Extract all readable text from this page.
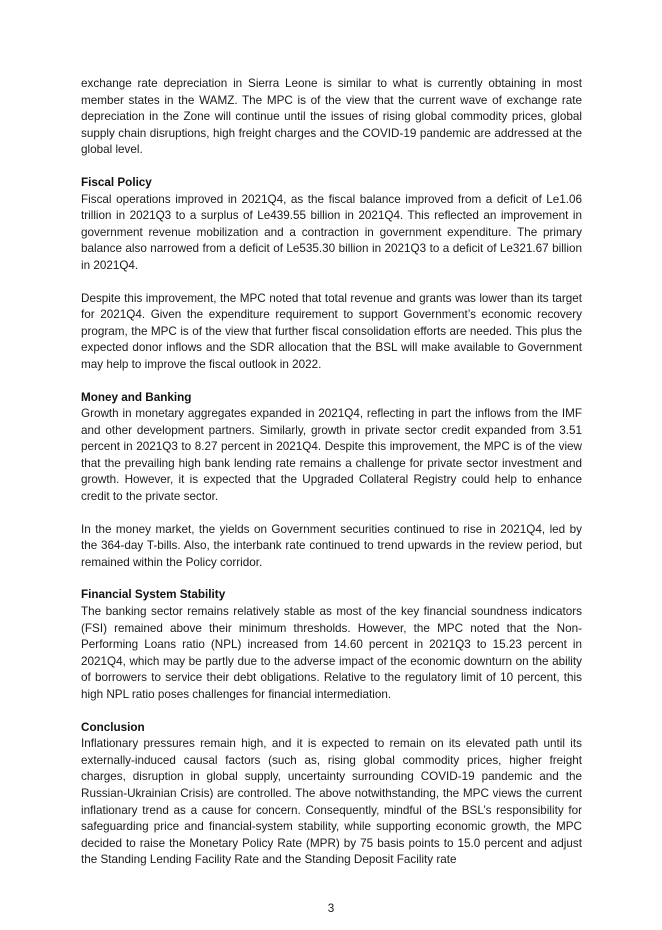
exchange rate depreciation in Sierra Leone is similar to what is currently obtaining in most member states in the WAMZ. The MPC is of the view that the current wave of exchange rate depreciation in the Zone will continue until the issues of rising global commodity prices, global supply chain disruptions, high freight charges and the COVID-19 pandemic are addressed at the global level.

Fiscal Policy

Fiscal operations improved in 2021Q4, as the fiscal balance improved from a deficit of Le1.06 trillion in 2021Q3 to a surplus of Le439.55 billion in 2021Q4. This reflected an improvement in government revenue mobilization and a contraction in government expenditure. The primary balance also narrowed from a deficit of Le535.30 billion in 2021Q3 to a deficit of Le321.67 billion in 2021Q4.

Despite this improvement, the MPC noted that total revenue and grants was lower than its target for 2021Q4. Given the expenditure requirement to support Government’s economic recovery program, the MPC is of the view that further fiscal consolidation efforts are needed. This plus the expected donor inflows and the SDR allocation that the BSL will make available to Government may help to improve the fiscal outlook in 2022.

Money and Banking

Growth in monetary aggregates expanded in 2021Q4, reflecting in part the inflows from the IMF and other development partners. Similarly, growth in private sector credit expanded from 3.51 percent in 2021Q3 to 8.27 percent in 2021Q4. Despite this improvement, the MPC is of the view that the prevailing high bank lending rate remains a challenge for private sector investment and growth. However, it is expected that the Upgraded Collateral Registry could help to enhance credit to the private sector.

In the money market, the yields on Government securities continued to rise in 2021Q4, led by the 364-day T-bills. Also, the interbank rate continued to trend upwards in the review period, but remained within the Policy corridor.

Financial System Stability

The banking sector remains relatively stable as most of the key financial soundness indicators (FSI) remained above their minimum thresholds. However, the MPC noted that the Non-Performing Loans ratio (NPL) increased from 14.60 percent in 2021Q3 to 15.23 percent in 2021Q4, which may be partly due to the adverse impact of the economic downturn on the ability of borrowers to service their debt obligations. Relative to the regulatory limit of 10 percent, this high NPL ratio poses challenges for financial intermediation.

Conclusion

Inflationary pressures remain high, and it is expected to remain on its elevated path until its externally-induced causal factors (such as, rising global commodity prices, higher freight charges, disruption in global supply, uncertainty surrounding COVID-19 pandemic and the Russian-Ukrainian Crisis) are controlled. The above notwithstanding, the MPC views the current inflationary trend as a cause for concern. Consequently, mindful of the BSL’s responsibility for safeguarding price and financial-system stability, while supporting economic growth, the MPC decided to raise the Monetary Policy Rate (MPR) by 75 basis points to 15.0 percent and adjust the Standing Lending Facility Rate and the Standing Deposit Facility rate

3
